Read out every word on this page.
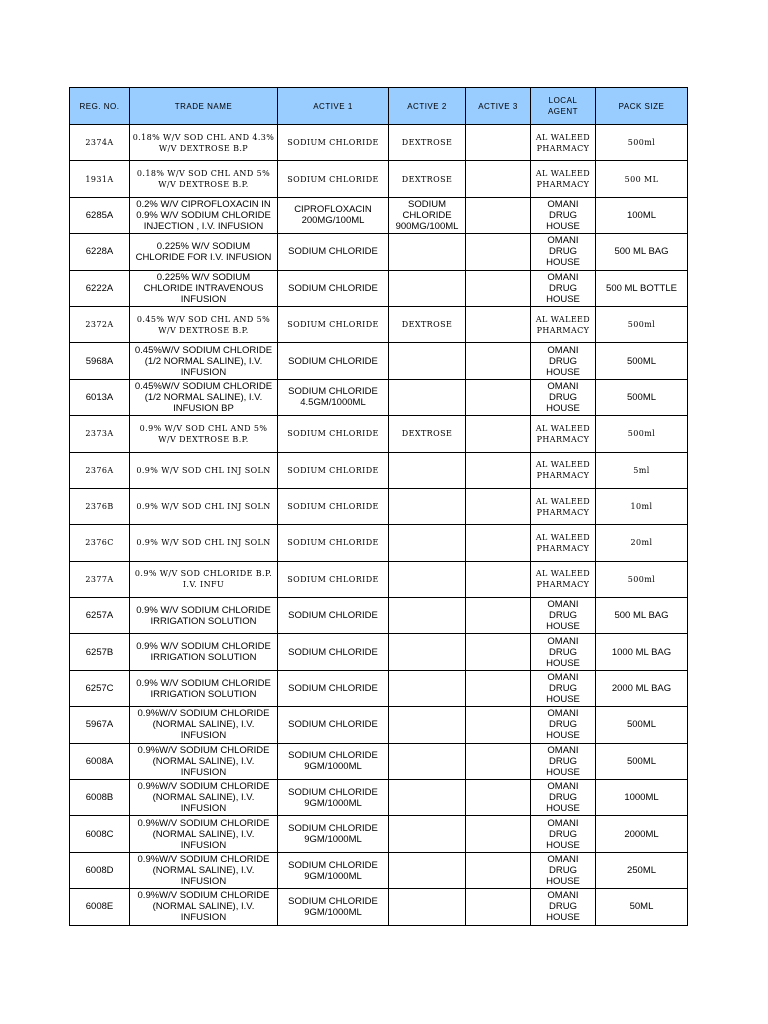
REG. NO.	TRADE NAME	ACTIVE 1	ACTIVE 2	ACTIVE 3	LOCAL AGENT	PACK SIZE
2374A	0.18% W/V SOD CHL AND 4.3% W/V DEXTROSE B.P	SODIUM CHLORIDE	DEXTROSE		AL WALEED PHARMACY	500ml
1931A	0.18% W/V SOD CHL AND 5% W/V DEXTROSE B.P.	SODIUM CHLORIDE	DEXTROSE		AL WALEED PHARMACY	500 ML
6285A	0.2% W/V CIPROFLOXACIN IN 0.9% W/V SODIUM CHLORIDE INJECTION , I.V. INFUSION	CIPROFLOXACIN 200MG/100ML	SODIUM CHLORIDE 900MG/100ML		OMANI DRUG HOUSE	100ML
6228A	0.225% W/V SODIUM CHLORIDE FOR I.V. INFUSION	SODIUM CHLORIDE			OMANI DRUG HOUSE	500 ML BAG
6222A	0.225% W/V SODIUM CHLORIDE INTRAVENOUS INFUSION	SODIUM CHLORIDE			OMANI DRUG HOUSE	500 ML BOTTLE
2372A	0.45% W/V SOD CHL AND 5% W/V DEXTROSE B.P.	SODIUM CHLORIDE	DEXTROSE		AL WALEED PHARMACY	500ml
5968A	0.45%W/V SODIUM CHLORIDE (1/2 NORMAL SALINE), I.V. INFUSION	SODIUM CHLORIDE			OMANI DRUG HOUSE	500ML
6013A	0.45%W/V SODIUM CHLORIDE (1/2 NORMAL SALINE), I.V. INFUSION BP	SODIUM CHLORIDE 4.5GM/1000ML			OMANI DRUG HOUSE	500ML
2373A	0.9% W/V SOD CHL AND 5% W/V DEXTROSE B.P.	SODIUM CHLORIDE	DEXTROSE		AL WALEED PHARMACY	500ml
2376A	0.9% W/V SOD CHL INJ SOLN	SODIUM CHLORIDE			AL WALEED PHARMACY	5ml
2376B	0.9% W/V SOD CHL INJ SOLN	SODIUM CHLORIDE			AL WALEED PHARMACY	10ml
2376C	0.9% W/V SOD CHL INJ SOLN	SODIUM CHLORIDE			AL WALEED PHARMACY	20ml
2377A	0.9% W/V SOD CHLORIDE B.P. I.V. INFU	SODIUM CHLORIDE			AL WALEED PHARMACY	500ml
6257A	0.9% W/V SODIUM CHLORIDE IRRIGATION SOLUTION	SODIUM CHLORIDE			OMANI DRUG HOUSE	500 ML BAG
6257B	0.9% W/V SODIUM CHLORIDE IRRIGATION SOLUTION	SODIUM CHLORIDE			OMANI DRUG HOUSE	1000 ML BAG
6257C	0.9% W/V SODIUM CHLORIDE IRRIGATION SOLUTION	SODIUM CHLORIDE			OMANI DRUG HOUSE	2000 ML BAG
5967A	0.9%W/V SODIUM CHLORIDE (NORMAL SALINE), I.V. INFUSION	SODIUM CHLORIDE			OMANI DRUG HOUSE	500ML
6008A	0.9%W/V SODIUM CHLORIDE (NORMAL SALINE), I.V. INFUSION	SODIUM CHLORIDE 9GM/1000ML			OMANI DRUG HOUSE	500ML
6008B	0.9%W/V SODIUM CHLORIDE (NORMAL SALINE), I.V. INFUSION	SODIUM CHLORIDE 9GM/1000ML			OMANI DRUG HOUSE	1000ML
6008C	0.9%W/V SODIUM CHLORIDE (NORMAL SALINE), I.V. INFUSION	SODIUM CHLORIDE 9GM/1000ML			OMANI DRUG HOUSE	2000ML
6008D	0.9%W/V SODIUM CHLORIDE (NORMAL SALINE), I.V. INFUSION	SODIUM CHLORIDE 9GM/1000ML			OMANI DRUG HOUSE	250ML
6008E	0.9%W/V SODIUM CHLORIDE (NORMAL SALINE), I.V. INFUSION	SODIUM CHLORIDE 9GM/1000ML			OMANI DRUG HOUSE	50ML
